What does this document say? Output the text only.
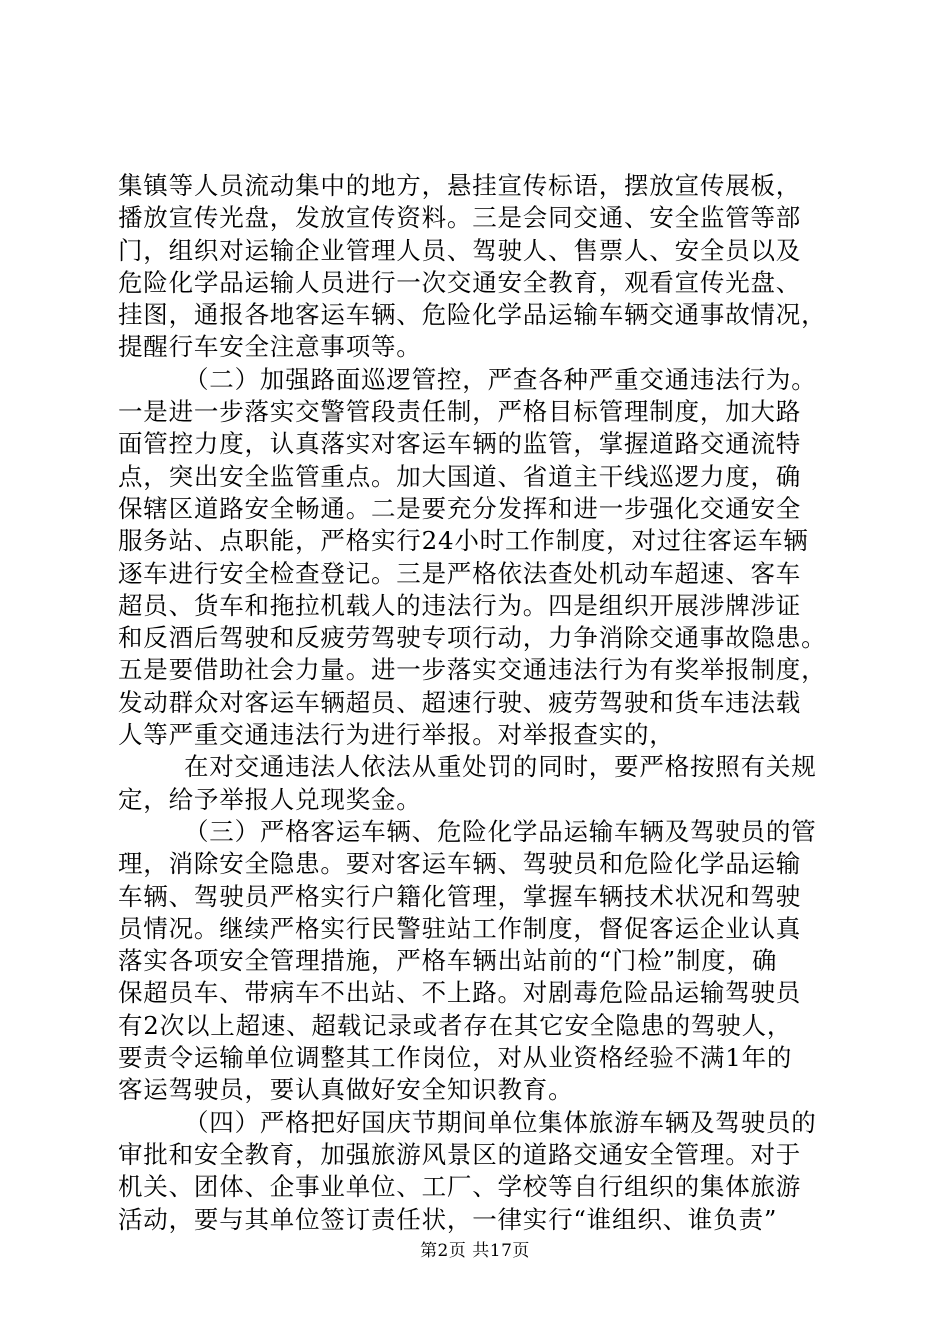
集镇等人员流动集中的地方，悬挂宣传标语，摆放宣传展板，
播放宣传光盘，发放宣传资料。三是会同交通、安全监管等部
门，组织对运输企业管理人员、驾驶人、售票人、安全员以及
危险化学品运输人员进行一次交通安全教育，观看宣传光盘、
挂图，通报各地客运车辆、危险化学品运输车辆交通事故情况，
提醒行车安全注意事项等。
（二）加强路面巡逻管控，严查各种严重交通违法行为。
一是进一步落实交警管段责任制，严格目标管理制度，加大路
面管控力度，认真落实对客运车辆的监管，掌握道路交通流特
点，突出安全监管重点。加大国道、省道主干线巡逻力度，确
保辖区道路安全畅通。二是要充分发挥和进一步强化交通安全
服务站、点职能，严格实行24小时工作制度，对过往客运车辆
逐车进行安全检查登记。三是严格依法查处机动车超速、客车
超员、货车和拖拉机载人的违法行为。四是组织开展涉牌涉证
和反酒后驾驶和反疲劳驾驶专项行动，力争消除交通事故隐患。
五是要借助社会力量。进一步落实交通违法行为有奖举报制度，
发动群众对客运车辆超员、超速行驶、疲劳驾驶和货车违法载
人等严重交通违法行为进行举报。对举报查实的，
在对交通违法人依法从重处罚的同时，要严格按照有关规
定，给予举报人兑现奖金。
（三）严格客运车辆、危险化学品运输车辆及驾驶员的管
理，消除安全隐患。要对客运车辆、驾驶员和危险化学品运输
车辆、驾驶员严格实行户籍化管理，掌握车辆技术状况和驾驶
员情况。继续严格实行民警驻站工作制度，督促客运企业认真
落实各项安全管理措施，严格车辆出站前的“门检”制度，确
保超员车、带病车不出站、不上路。对剧毒危险品运输驾驶员
有2次以上超速、超载记录或者存在其它安全隐患的驾驶人，
要责令运输单位调整其工作岗位，对从业资格经验不满1年的
客运驾驶员，要认真做好安全知识教育。
（四）严格把好国庆节期间单位集体旅游车辆及驾驶员的
审批和安全教育，加强旅游风景区的道路交通安全管理。对于
机关、团体、企事业单位、工厂、学校等自行组织的集体旅游
活动，要与其单位签订责任状，一律实行“谁组织、谁负责”
第2页 共17页
